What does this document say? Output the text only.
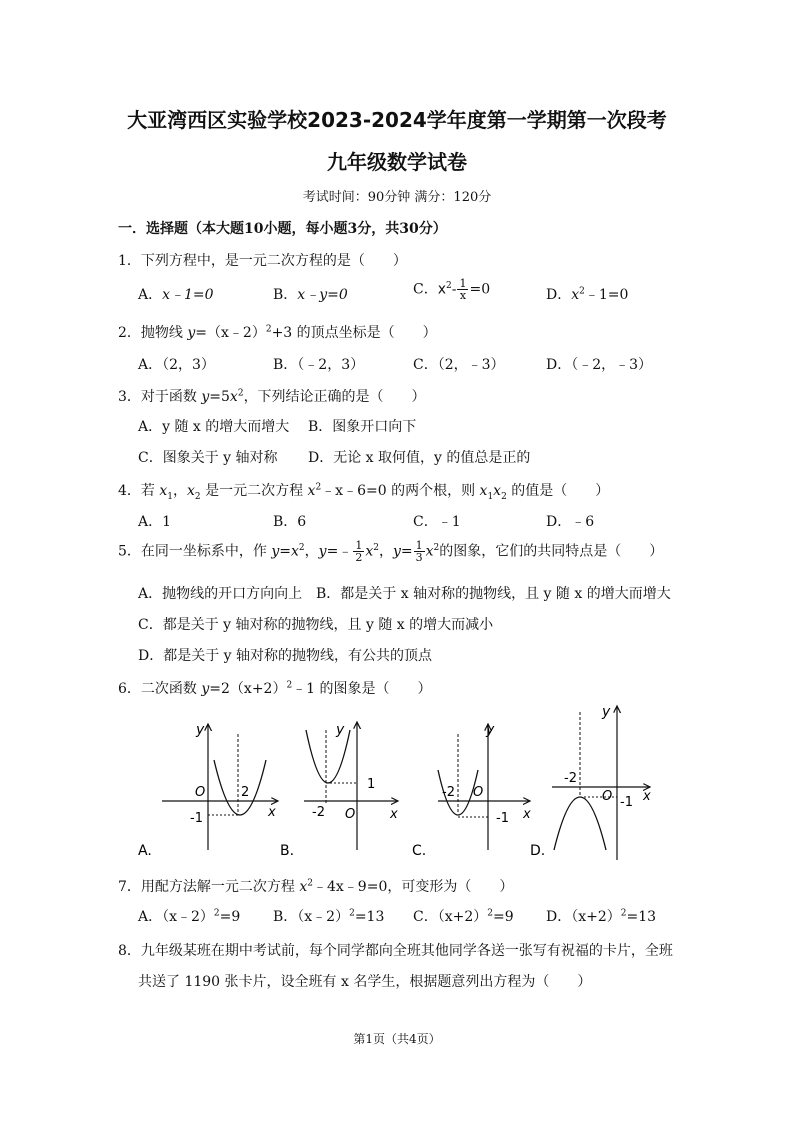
大亚湾西区实验学校2023-2024学年度第一学期第一次段考
九年级数学试卷
考试时间：90分钟 满分：120分
一．选择题（本大题10小题，每小题3分，共30分）
1．下列方程中，是一元二次方程的是（　　）
A．x﹣1=0	B．x﹣y=0	C．$x^2- \frac{1}{x} =0$	D．$x^2﹣1=0$
2．抛物线 y=（x﹣2）$^2$+3 的顶点坐标是（　　）
A．（2，3）	B．（﹣2，3）	C．（2，﹣3）	D．（﹣2，﹣3）
3．对于函数 $y=5x^2$，下列结论正确的是（　　）
A．y 随 x 的增大而增大 B．图象开口向下
C．图象关于 y 轴对称 D．无论 x 取何值，y 的值总是正的
4．若 $x_1$，$x_2$ 是一元二次方程 $x^2﹣x﹣6=0$ 的两个根，则 $x_1x_2$ 的值是（　　）
A．1	B．6	C．﹣1	D．﹣6
5．在同一坐标系中，作 $y=x^2$，y=﹣ $\frac{1}{2} x^2$，$y= \frac{1}{3} x^2$的图象，它们的共同特点是（　　）
A．抛物线的开口方向向上 B．都是关于 x 轴对称的抛物线，且 y 随 x 的增大而增大
C．都是关于 y 轴对称的抛物线，且 y 随 x 的增大而减小
D．都是关于 y 轴对称的抛物线，有公共的顶点
6．二次函数 $y=2(x+2)^2﹣1$ 的图象是（　　）
y
x
O	2
-1
A.
y
x
O
-2
1
B.
y
x
O
-2
-1
C.
y
x
O
-2
-1
D.
7．用配方法解一元二次方程 $x^2﹣4x﹣9=0$，可变形为（　　）
A．（x﹣2）$^2$=9 B．（x﹣2）$^2$=13 C．$(x+2)^2=9$ D．$(x+2)^2=13$
8．九年级某班在期中考试前，每个同学都向全班其他同学各送一张写有祝福的卡片，全班
共送了 1190 张卡片，设全班有 x 名学生，根据题意列出方程为（　　）
第1页（共4页）
